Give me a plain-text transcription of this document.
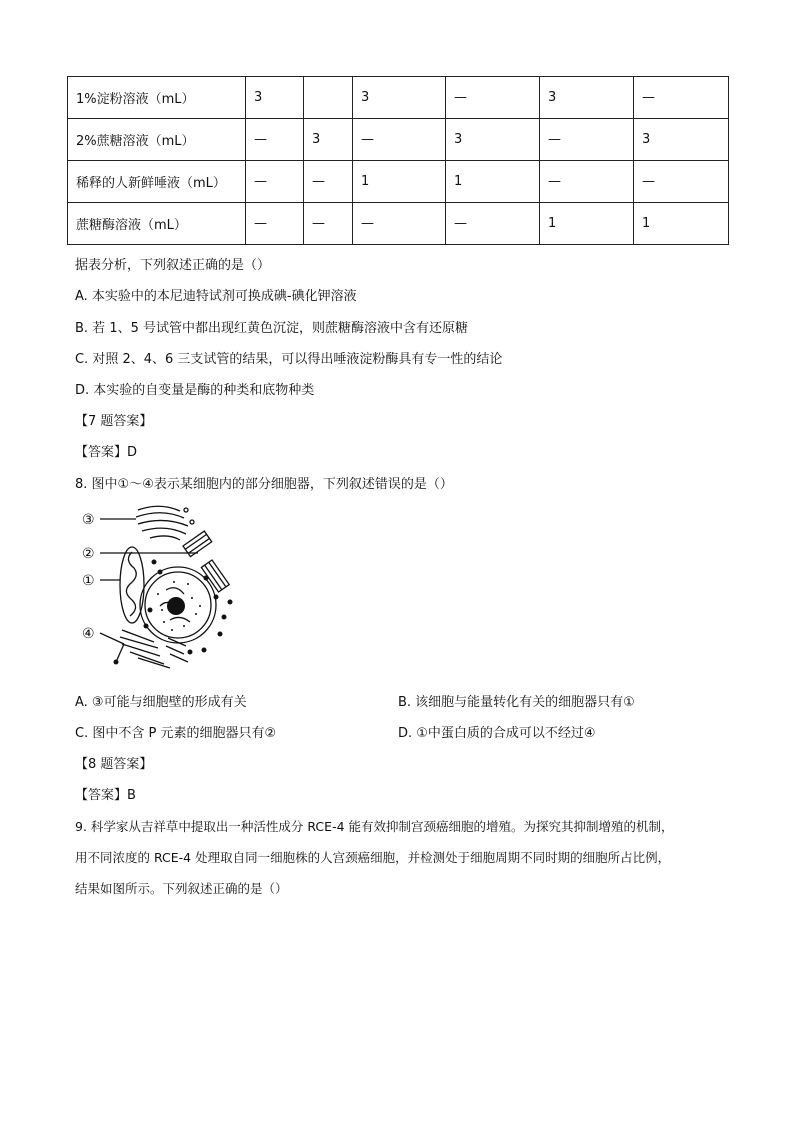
1%淀粉溶液（mL）	3		3	—	3	—
2%蔗糖溶液（mL）	—	3	—	3	—	3
稀释的人新鲜唾液（mL）	—	—	1	1	—	—
蔗糖酶溶液（mL）	—	—	—	—	1	1
据表分析，下列叙述正确的是（）
A. 本实验中的本尼迪特试剂可换成碘-碘化钾溶液
B. 若 1、5 号试管中都出现红黄色沉淀，则蔗糖酶溶液中含有还原糖
C. 对照 2、4、6 三支试管的结果，可以得出唾液淀粉酶具有专一性的结论
D. 本实验的自变量是酶的种类和底物种类
【7 题答案】
【答案】D
8. 图中①～④表示某细胞内的部分细胞器，下列叙述错误的是（）
③
②
①
④
A. ③可能与细胞壁的形成有关	B. 该细胞与能量转化有关的细胞器只有①
C. 图中不含 P 元素的细胞器只有②	D. ①中蛋白质的合成可以不经过④
【8 题答案】
【答案】B
9. 科学家从吉祥草中提取出一种活性成分 RCE-4 能有效抑制宫颈癌细胞的增殖。为探究其抑制增殖的机制，
用不同浓度的 RCE-4 处理取自同一细胞株的人宫颈癌细胞，并检测处于细胞周期不同时期的细胞所占比例，
结果如图所示。下列叙述正确的是（）
